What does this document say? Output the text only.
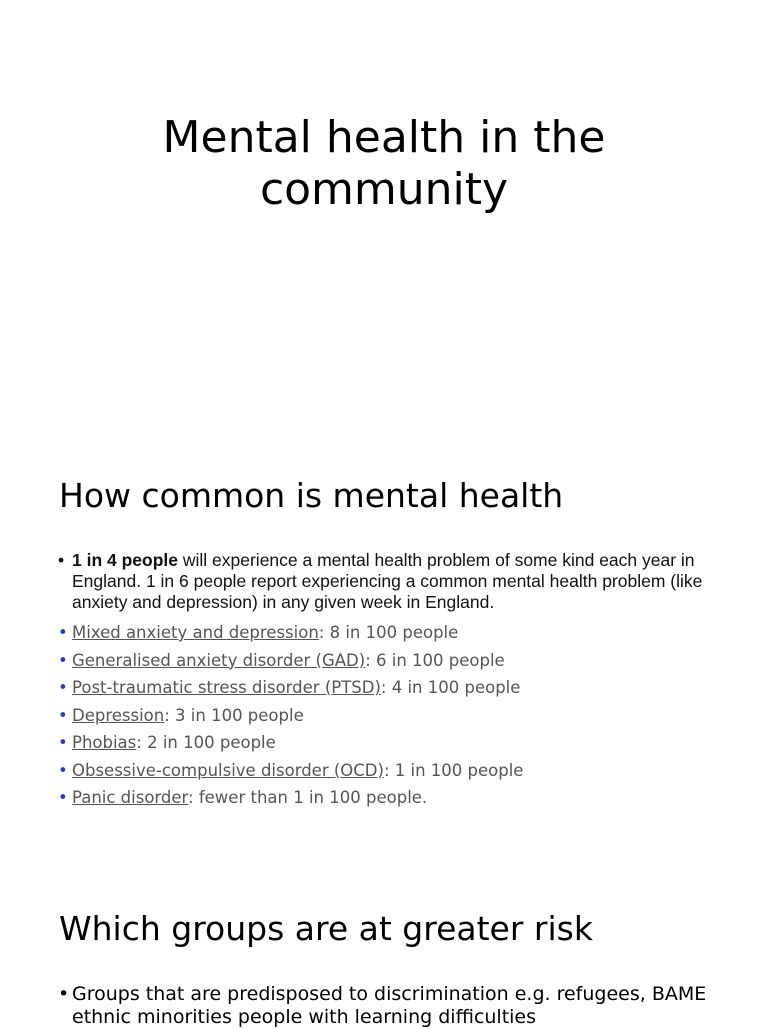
Mental health in the
community
How common is mental health
• 1 in 4 people will experience a mental health problem of some kind each year in England. 1 in 6 people report experiencing a common mental health problem (like anxiety and depression) in any given week in England.
• Mixed anxiety and depression: 8 in 100 people
• Generalised anxiety disorder (GAD): 6 in 100 people
• Post-traumatic stress disorder (PTSD): 4 in 100 people
• Depression: 3 in 100 people
• Phobias: 2 in 100 people
• Obsessive-compulsive disorder (OCD): 1 in 100 people
• Panic disorder: fewer than 1 in 100 people.
Which groups are at greater risk
• Groups that are predisposed to discrimination e.g. refugees, BAME ethnic minorities people with learning difficulties
